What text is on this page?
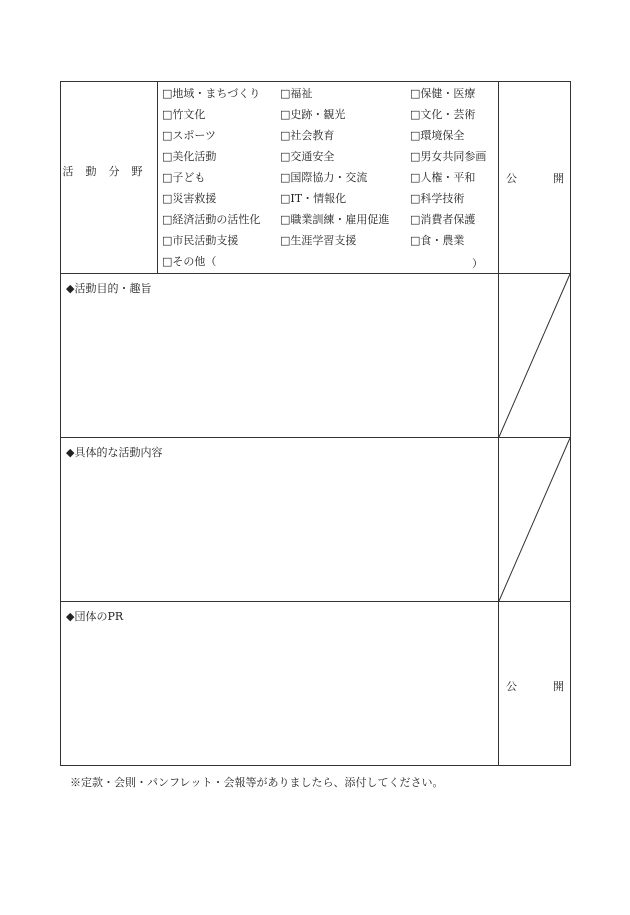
活動分野
□地域・まちづくり □福祉	□保健・医療
□竹文化	□史跡・観光	□文化・芸術
□スポーツ	□社会教育	□環境保全
□美化活動	□交通安全	□男女共同参画
□子ども	□国際協力・交流	□人権・平和
□災害救援	□IT・情報化	□科学技術
□経済活動の活性化 □職業訓練・雇用促進 □消費者保護
□市民活動支援	□生涯学習支援	□食・農業
□その他（	）
公	開
◆活動目的・趣旨
◆具体的な活動内容
◆団体のPR
公	開
※定款・会則・パンフレット・会報等がありましたら、添付してください。
